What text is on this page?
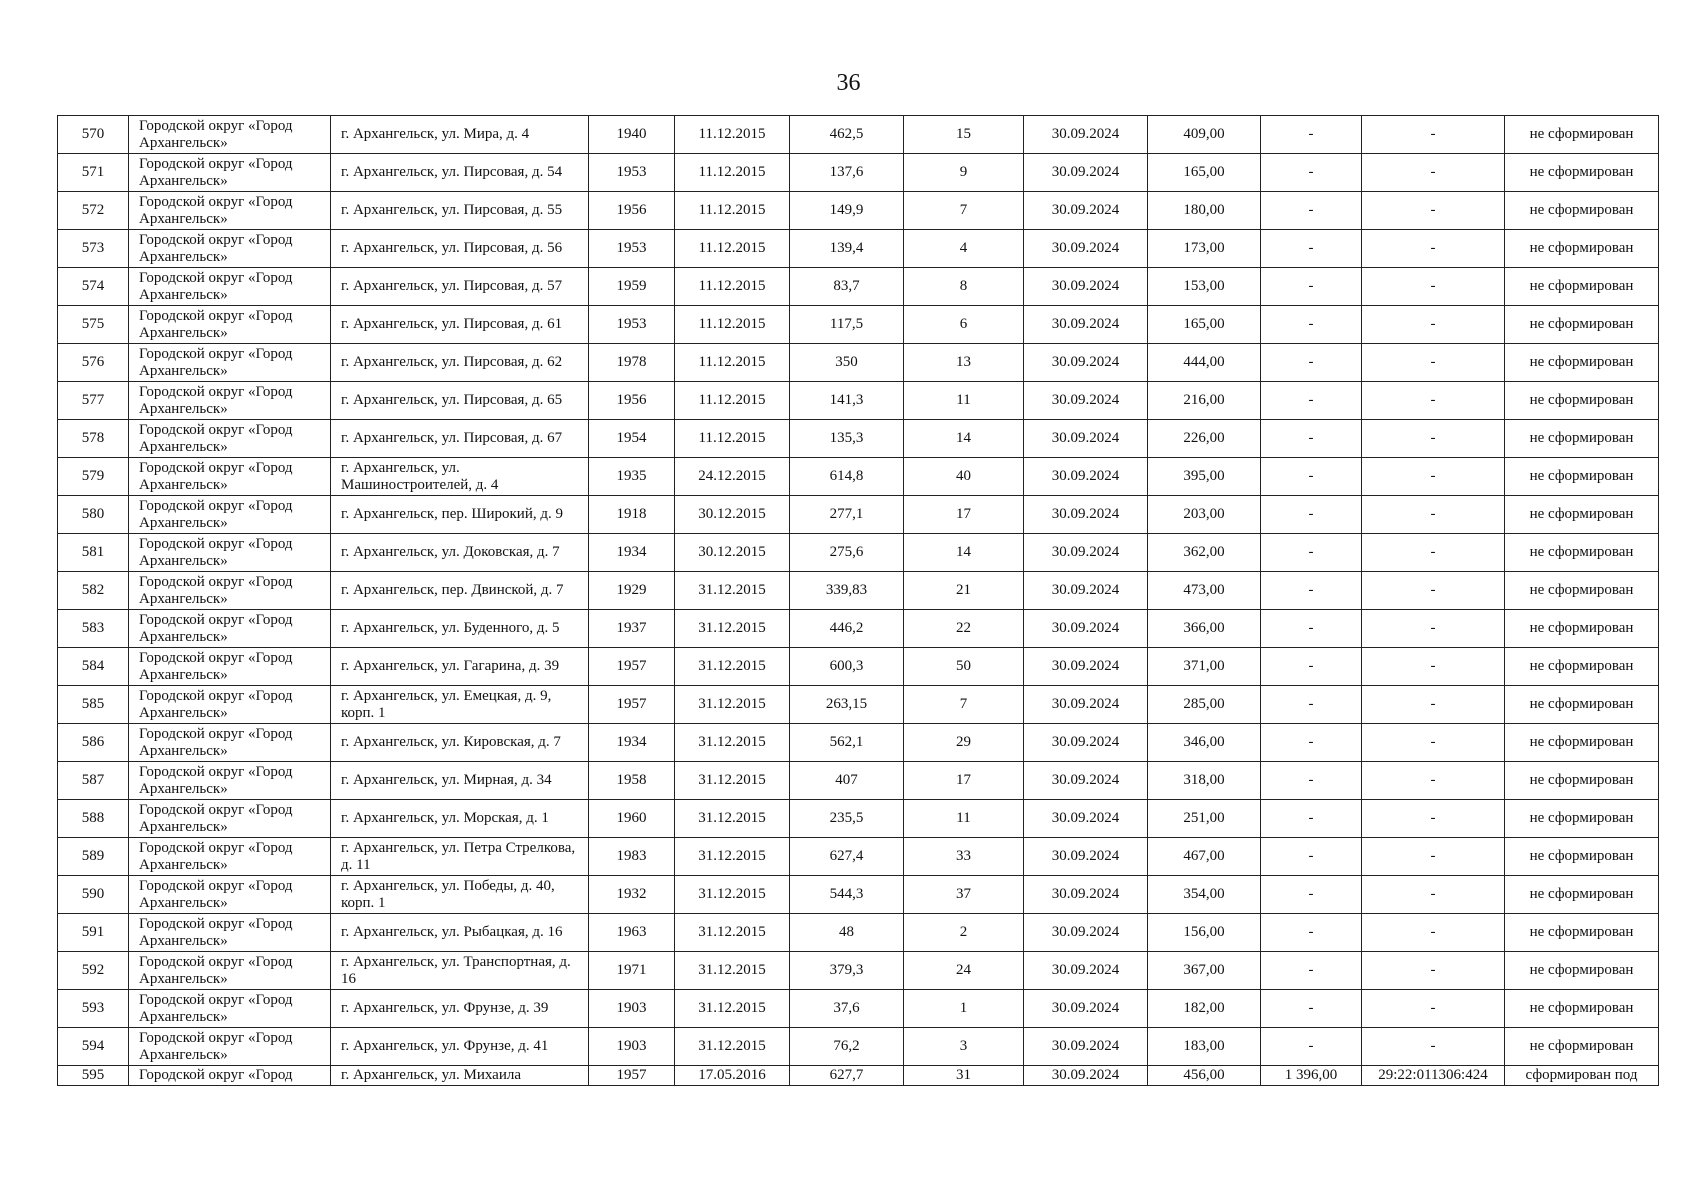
36
570	Городской округ «Город Архангельск»	г. Архангельск, ул. Мира, д. 4	1940	11.12.2015	462,5	15	30.09.2024	409,00	-	-	не сформирован
571	Городской округ «Город Архангельск»	г. Архангельск, ул. Пирсовая, д. 54	1953	11.12.2015	137,6	9	30.09.2024	165,00	-	-	не сформирован
572	Городской округ «Город Архангельск»	г. Архангельск, ул. Пирсовая, д. 55	1956	11.12.2015	149,9	7	30.09.2024	180,00	-	-	не сформирован
573	Городской округ «Город Архангельск»	г. Архангельск, ул. Пирсовая, д. 56	1953	11.12.2015	139,4	4	30.09.2024	173,00	-	-	не сформирован
574	Городской округ «Город Архангельск»	г. Архангельск, ул. Пирсовая, д. 57	1959	11.12.2015	83,7	8	30.09.2024	153,00	-	-	не сформирован
575	Городской округ «Город Архангельск»	г. Архангельск, ул. Пирсовая, д. 61	1953	11.12.2015	117,5	6	30.09.2024	165,00	-	-	не сформирован
576	Городской округ «Город Архангельск»	г. Архангельск, ул. Пирсовая, д. 62	1978	11.12.2015	350	13	30.09.2024	444,00	-	-	не сформирован
577	Городской округ «Город Архангельск»	г. Архангельск, ул. Пирсовая, д. 65	1956	11.12.2015	141,3	11	30.09.2024	216,00	-	-	не сформирован
578	Городской округ «Город Архангельск»	г. Архангельск, ул. Пирсовая, д. 67	1954	11.12.2015	135,3	14	30.09.2024	226,00	-	-	не сформирован
579	Городской округ «Город Архангельск»	г. Архангельск, ул. Машиностроителей, д. 4	1935	24.12.2015	614,8	40	30.09.2024	395,00	-	-	не сформирован
580	Городской округ «Город Архангельск»	г. Архангельск, пер. Широкий, д. 9	1918	30.12.2015	277,1	17	30.09.2024	203,00	-	-	не сформирован
581	Городской округ «Город Архангельск»	г. Архангельск, ул. Доковская, д. 7	1934	30.12.2015	275,6	14	30.09.2024	362,00	-	-	не сформирован
582	Городской округ «Город Архангельск»	г. Архангельск, пер. Двинской, д. 7	1929	31.12.2015	339,83	21	30.09.2024	473,00	-	-	не сформирован
583	Городской округ «Город Архангельск»	г. Архангельск, ул. Буденного, д. 5	1937	31.12.2015	446,2	22	30.09.2024	366,00	-	-	не сформирован
584	Городской округ «Город Архангельск»	г. Архангельск, ул. Гагарина, д. 39	1957	31.12.2015	600,3	50	30.09.2024	371,00	-	-	не сформирован
585	Городской округ «Город Архангельск»	г. Архангельск, ул. Емецкая, д. 9, корп. 1	1957	31.12.2015	263,15	7	30.09.2024	285,00	-	-	не сформирован
586	Городской округ «Город Архангельск»	г. Архангельск, ул. Кировская, д. 7	1934	31.12.2015	562,1	29	30.09.2024	346,00	-	-	не сформирован
587	Городской округ «Город Архангельск»	г. Архангельск, ул. Мирная, д. 34	1958	31.12.2015	407	17	30.09.2024	318,00	-	-	не сформирован
588	Городской округ «Город Архангельск»	г. Архангельск, ул. Морская, д. 1	1960	31.12.2015	235,5	11	30.09.2024	251,00	-	-	не сформирован
589	Городской округ «Город Архангельск»	г. Архангельск, ул. Петра Стрелкова, д. 11	1983	31.12.2015	627,4	33	30.09.2024	467,00	-	-	не сформирован
590	Городской округ «Город Архангельск»	г. Архангельск, ул. Победы, д. 40, корп. 1	1932	31.12.2015	544,3	37	30.09.2024	354,00	-	-	не сформирован
591	Городской округ «Город Архангельск»	г. Архангельск, ул. Рыбацкая, д. 16	1963	31.12.2015	48	2	30.09.2024	156,00	-	-	не сформирован
592	Городской округ «Город Архангельск»	г. Архангельск, ул. Транспортная, д. 16	1971	31.12.2015	379,3	24	30.09.2024	367,00	-	-	не сформирован
593	Городской округ «Город Архангельск»	г. Архангельск, ул. Фрунзе, д. 39	1903	31.12.2015	37,6	1	30.09.2024	182,00	-	-	не сформирован
594	Городской округ «Город Архангельск»	г. Архангельск, ул. Фрунзе, д. 41	1903	31.12.2015	76,2	3	30.09.2024	183,00	-	-	не сформирован
595	Городской округ «Город	г. Архангельск, ул. Михаила	1957	17.05.2016	627,7	31	30.09.2024	456,00	1 396,00	29:22:011306:424	сформирован под
